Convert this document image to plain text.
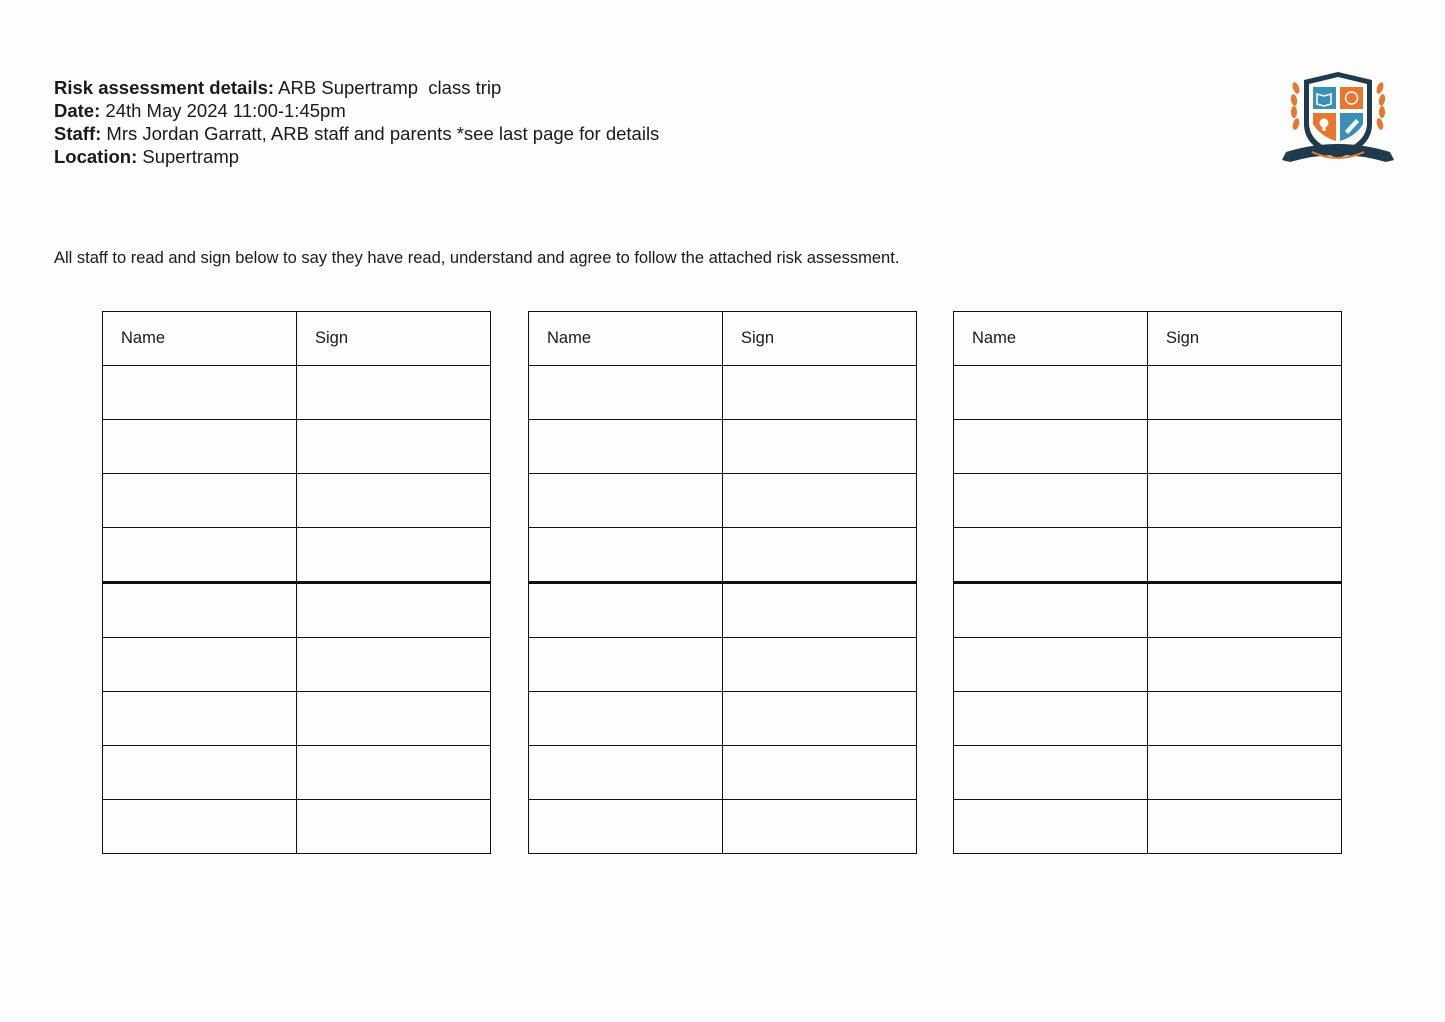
Risk assessment details: ARB Supertramp  class trip
Date: 24th May 2024 11:00-1:45pm
Staff: Mrs Jordan Garratt, ARB staff and parents *see last page for details
Location: Supertramp
All staff to read and sign below to say they have read, understand and agree to follow the attached risk assessment.
Name	Sign

		Name	Sign

		Name	Sign
